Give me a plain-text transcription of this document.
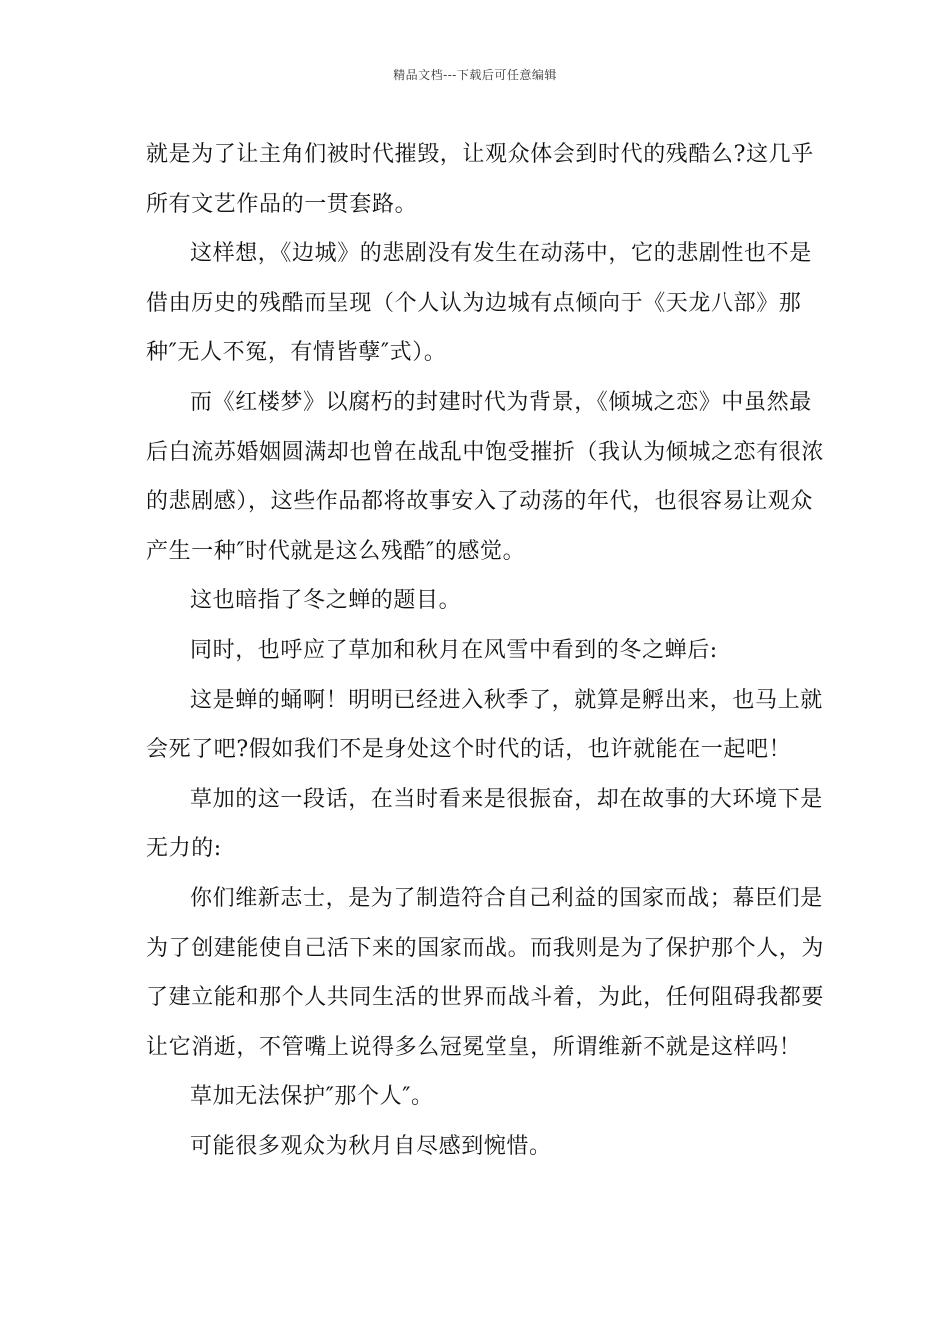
精品文档---下载后可任意编辑

就是为了让主角们被时代摧毁，让观众体会到时代的残酷么?这几乎所有文艺作品的一贯套路。

这样想，《边城》的悲剧没有发生在动荡中，它的悲剧性也不是借由历史的残酷而呈现（个人认为边城有点倾向于《天龙八部》那种″无人不冤，有情皆孽″式）。

而《红楼梦》以腐朽的封建时代为背景，《倾城之恋》中虽然最后白流苏婚姻圆满却也曾在战乱中饱受摧折（我认为倾城之恋有很浓的悲剧感），这些作品都将故事安入了动荡的年代，也很容易让观众产生一种″时代就是这么残酷″的感觉。

这也暗指了冬之蝉的题目。

同时，也呼应了草加和秋月在风雪中看到的冬之蝉后:

这是蝉的蛹啊！明明已经进入秋季了，就算是孵出来，也马上就会死了吧?假如我们不是身处这个时代的话，也许就能在一起吧！

草加的这一段话，在当时看来是很振奋，却在故事的大环境下是无力的:

你们维新志士，是为了制造符合自己利益的国家而战；幕臣们是为了创建能使自己活下来的国家而战。而我则是为了保护那个人，为了建立能和那个人共同生活的世界而战斗着，为此，任何阻碍我都要让它消逝，不管嘴上说得多么冠冕堂皇，所谓维新不就是这样吗！

草加无法保护″那个人″。

可能很多观众为秋月自尽感到惋惜。
